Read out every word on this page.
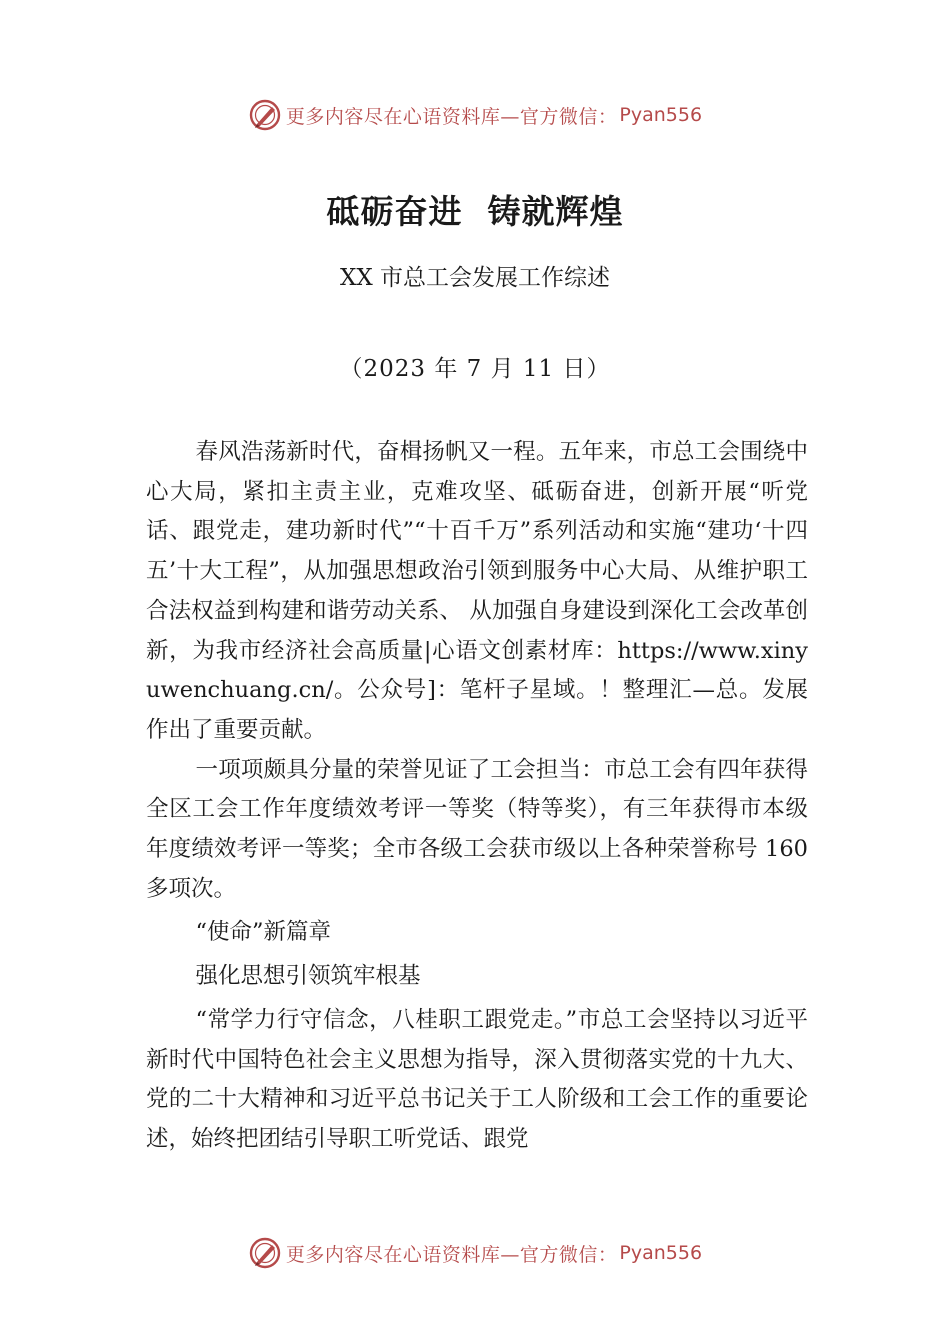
更多内容尽在心语资料库—官方微信： Pyan556
砥砺奋进  铸就辉煌
XX 市总工会发展工作综述
（2023 年 7 月 11 日）

春风浩荡新时代，奋楫扬帆又一程。五年来，市总工会围绕中心大局，紧扣主责主业，克难攻坚、砥砺奋进，创新开展“听党话、跟党走，建功新时代”“十百千万”系列活动和实施“建功‘十四五’十大工程”，从加强思想政治引领到服务中心大局、从维护职工合法权益到构建和谐劳动关系、 从加强自身建设到深化工会改革创新，为我市经济社会高质量|心语文创素材库：https://www.xinyuwenchuang.cn/。公众号]：笔杆子星域。！整理汇—总。发展作出了重要贡献。

一项项颇具分量的荣誉见证了工会担当：市总工会有四年获得全区工会工作年度绩效考评一等奖（特等奖），有三年获得市本级年度绩效考评一等奖；全市各级工会获市级以上各种荣誉称号 160 多项次。

“使命”新篇章

强化思想引领筑牢根基

“常学力行守信念，八桂职工跟党走。”市总工会坚持以习近平新时代中国特色社会主义思想为指导，深入贯彻落实党的十九大、党的二十大精神和习近平总书记关于工人阶级和工会工作的重要论述，始终把团结引导职工听党话、跟党

更多内容尽在心语资料库—官方微信： Pyan556
